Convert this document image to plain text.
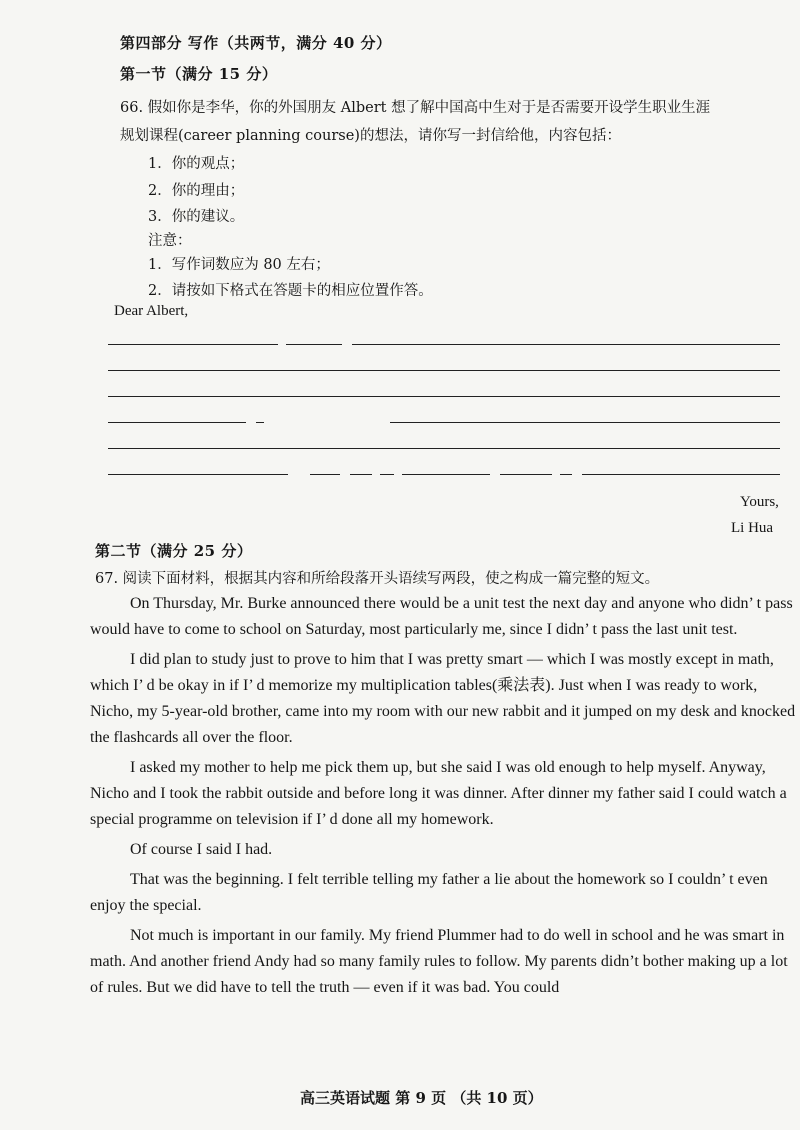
第四部分 写作（共两节，满分 40 分）
第一节（满分 15 分）
66. 假如你是李华，你的外国朋友 Albert 想了解中国高中生对于是否需要开设学生职业生涯
规划课程(career planning course)的想法，请你写一封信给他，内容包括：
1．你的观点；
2．你的理由；
3．你的建议。
注意：
1．写作词数应为 80 左右；
2．请按如下格式在答题卡的相应位置作答。
Dear Albert,
Yours,
Li Hua
第二节（满分 25 分）
67. 阅读下面材料，根据其内容和所给段落开头语续写两段，使之构成一篇完整的短文。

On Thursday, Mr. Burke announced there would be a unit test the next day and anyone who didn’ t pass would have to come to school on Saturday, most particularly me, since I didn’ t pass the last unit test.

I did plan to study just to prove to him that I was pretty smart — which I was mostly except in math, which I’ d be okay in if I’ d memorize my multiplication tables(乘法表). Just when I was ready to work, Nicho, my 5-year-old brother, came into my room with our new rabbit and it jumped on my desk and knocked the flashcards all over the floor.

I asked my mother to help me pick them up, but she said I was old enough to help myself. Anyway, Nicho and I took the rabbit outside and before long it was dinner. After dinner my father said I could watch a special programme on television if I’ d done all my homework.

Of course I said I had.

That was the beginning. I felt terrible telling my father a lie about the homework so I couldn’ t even enjoy the special.

Not much is important in our family. My friend Plummer had to do well in school and he was smart in math. And another friend Andy had so many family rules to follow. My parents didn’t bother making up a lot of rules. But we did have to tell the truth — even if it was bad. You could

高三英语试题 第 9 页 （共 10 页）
